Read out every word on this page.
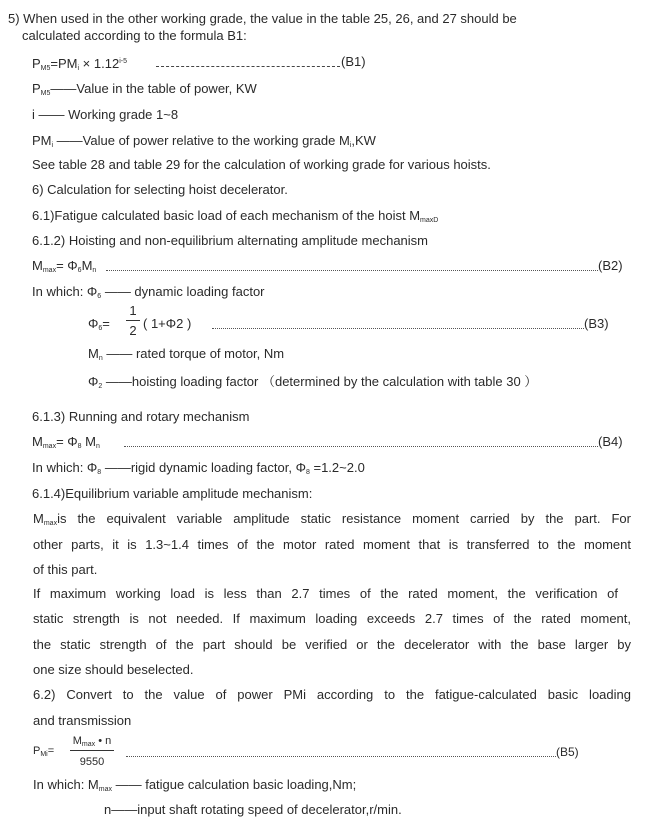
5) When used in the other working grade, the value in the table 25, 26, and 27 should be
calculated according to the formula B1:
$P_{M5}=PM_i \times 1.12^{i-5}$	(B1)
$P_{M5}——Value$ in the table of power, KW
i —— Working grade 1~8
$PM_i$ ——Value of power relative to the working grade $M_i,KW$
See table 28 and table 29 for the calculation of working grade for various hoists.
6) Calculation for selecting hoist decelerator.
6.1)Fatigue calculated basic load of each mechanism of the hoist $M_{maxD}$
6.1.2) Hoisting and non-equilibrium alternating amplitude mechanism
$M_{max}= \Phi_6M_n$	(B2)
In which: $\Phi_6$ —— dynamic loading factor
$\Phi_6=$
1
2 ( 1+Φ2 )	(B3)
$M_n$ —— rated torque of motor, Nm
$\Phi_2$ ——hoisting loading factor （determined by the calculation with table 30 ）
6.1.3) Running and rotary mechanism
$M_{max}= \Phi_8$ $M_n$	(B4)
In which: $\Phi_8$ ——rigid dynamic loading factor, $\Phi_8$ =1.2~2.0
6.1.4)Equilibrium variable amplitude mechanism:
$M_{max}is$ the equivalent variable amplitude static resistance moment carried by the part. For
other parts, it is 1.3~1.4 times of the motor rated moment that is transferred to the moment
of this part.
If maximum working load is less than 2.7 times of the rated moment, the verification of
static strength is not needed. If maximum loading exceeds 2.7 times of the rated moment,
the static strength of the part should be verified or the decelerator with the base larger by
one size should beselected.
6.2) Convert to the value of power PMi according to the fatigue-calculated basic loading
and transmission
$P_{Mi}=$
$M_{max}$ • n
9550
(B5)
In which: $M_{max}$ —— fatigue calculation basic loading,Nm;
n——input shaft rotating speed of decelerator,r/min.
